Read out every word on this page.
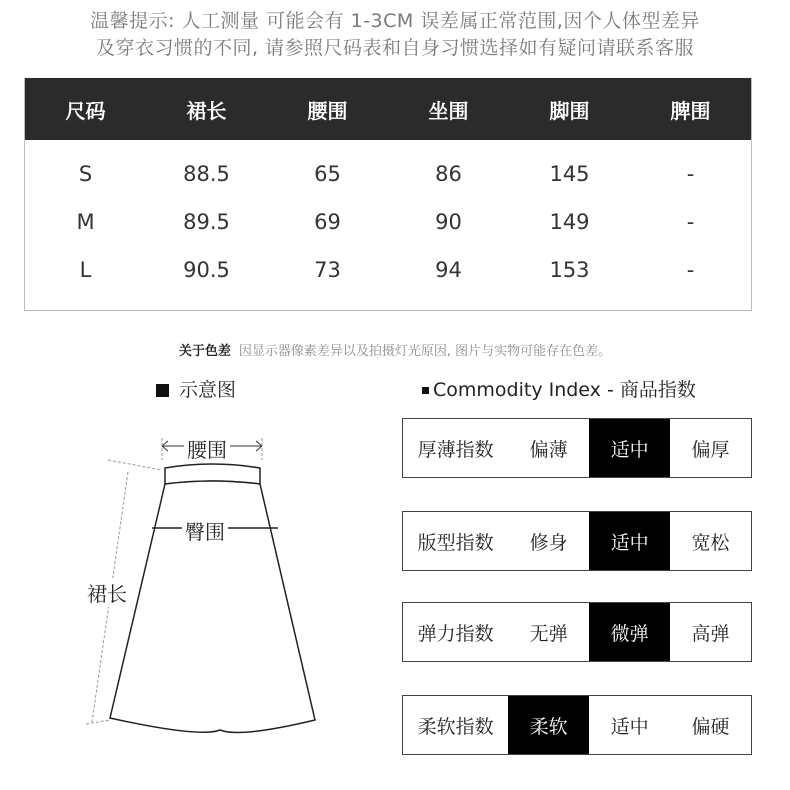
温馨提示: 人工测量 可能会有 1-3CM 误差属正常范围,因个人体型差异
及穿衣习惯的不同, 请参照尺码表和自身习惯选择如有疑问请联系客服
尺码	裙长	腰围	坐围	脚围	脾围
S	88.5	65	86	145	-
M	89.5	69	90	149	-
L	90.5	73	94	153	-
关于色差 因显示器像素差异以及拍摄灯光原因, 图片与实物可能存在色差。
示意图	Commodity Index - 商品指数
腰围
臀围
裙长
厚薄指数	偏薄	适中	偏厚
版型指数	修身	适中	宽松
弹力指数	无弹	微弹	高弹
柔软指数	柔软	适中	偏硬
